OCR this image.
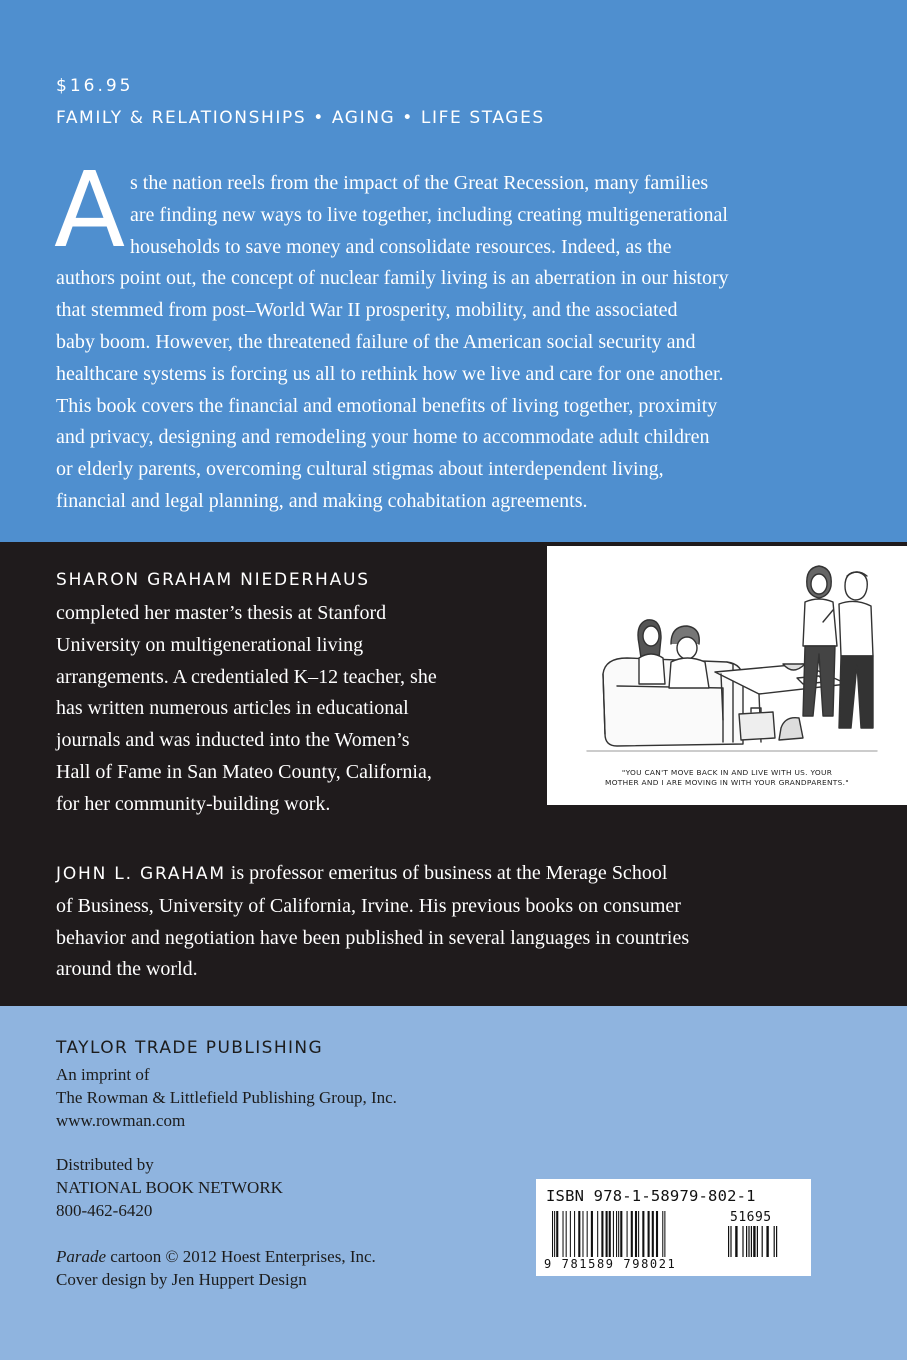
$16.95
FAMILY & RELATIONSHIPS • AGING • LIFE STAGES
A s the nation reels from the impact of the Great Recession, many families
are finding new ways to live together, including creating multigenerational
households to save money and consolidate resources. Indeed, as the
authors point out, the concept of nuclear family living is an aberration in our history
that stemmed from post–World War II prosperity, mobility, and the associated
baby boom. However, the threatened failure of the American social security and
healthcare systems is forcing us all to rethink how we live and care for one another.
This book covers the financial and emotional benefits of living together, proximity
and privacy, designing and remodeling your home to accommodate adult children
or elderly parents, overcoming cultural stigmas about interdependent living,
financial and legal planning, and making cohabitation agreements.
SHARON GRAHAM NIEDERHAUS
completed her master’s thesis at Stanford
University on multigenerational living
arrangements. A credentialed K–12 teacher, she
has written numerous articles in educational
journals and was inducted into the Women’s
Hall of Fame in San Mateo County, California,
for her community-building work.
"YOU CAN'T MOVE BACK IN AND LIVE WITH US. YOUR
MOTHER AND I ARE MOVING IN WITH YOUR GRANDPARENTS."
JOHN L. GRAHAM is professor emeritus of business at the Merage School
of Business, University of California, Irvine. His previous books on consumer
behavior and negotiation have been published in several languages in countries
around the world.
TAYLOR TRADE PUBLISHING
An imprint of
The Rowman & Littlefield Publishing Group, Inc.
www.rowman.com
Distributed by
NATIONAL BOOK NETWORK
800-462-6420
Parade cartoon © 2012 Hoest Enterprises, Inc.
Cover design by Jen Huppert Design
ISBN 978-1-58979-802-1
51695
9 781589 798021
